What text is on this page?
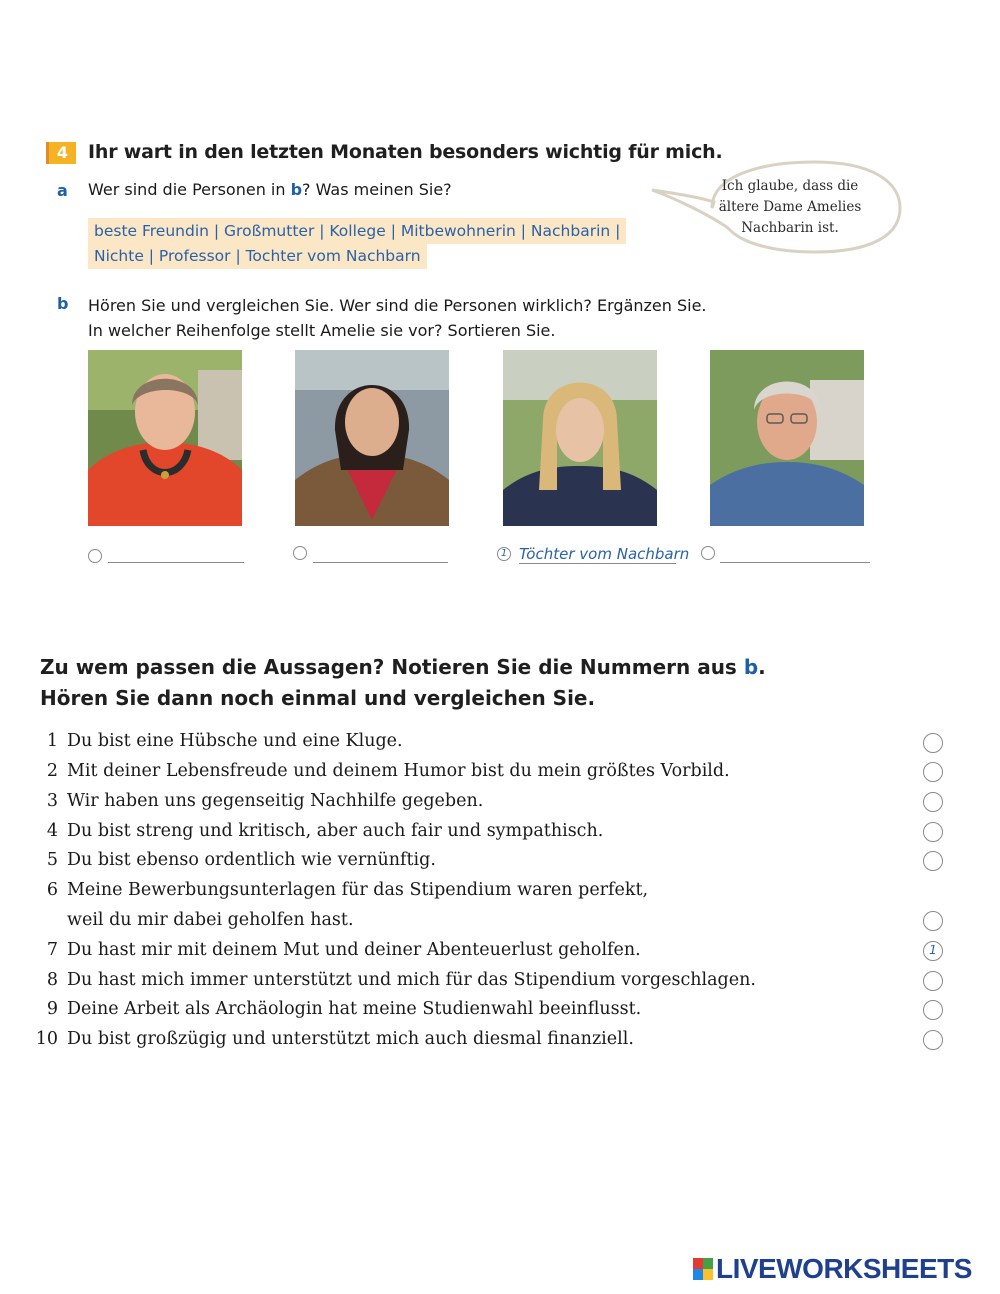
4	Ihr wart in den letzten Monaten besonders wichtig für mich.
a Wer sind die Personen in b? Was meinen Sie?
beste Freundin | Großmutter | Kollege | Mitbewohnerin | Nachbarin |
Nichte | Professor | Tochter vom Nachbarn
Ich glaube, dass die ältere Dame Amelies Nachbarin ist.
b Hören Sie und vergleichen Sie. Wer sind die Personen wirklich? Ergänzen Sie.
In welcher Reihenfolge stellt Amelie sie vor? Sortieren Sie.
1 Töchter vom Nachbarn
Zu wem passen die Aussagen? Notieren Sie die Nummern aus b.
Hören Sie dann noch einmal und vergleichen Sie.
1 Du bist eine Hübsche und eine Kluge.
2 Mit deiner Lebensfreude und deinem Humor bist du mein größtes Vorbild.
3 Wir haben uns gegenseitig Nachhilfe gegeben.
4 Du bist streng und kritisch, aber auch fair und sympathisch.
5 Du bist ebenso ordentlich wie vernünftig.
6 Meine Bewerbungsunterlagen für das Stipendium waren perfekt,
weil du mir dabei geholfen hast.
7 Du hast mir mit deinem Mut und deiner Abenteuerlust geholfen.	1
8 Du hast mich immer unterstützt und mich für das Stipendium vorgeschlagen.
9 Deine Arbeit als Archäologin hat meine Studienwahl beeinflusst.
10 Du bist großzügig und unterstützt mich auch diesmal finanziell.
LIVEWORKSHEETS
